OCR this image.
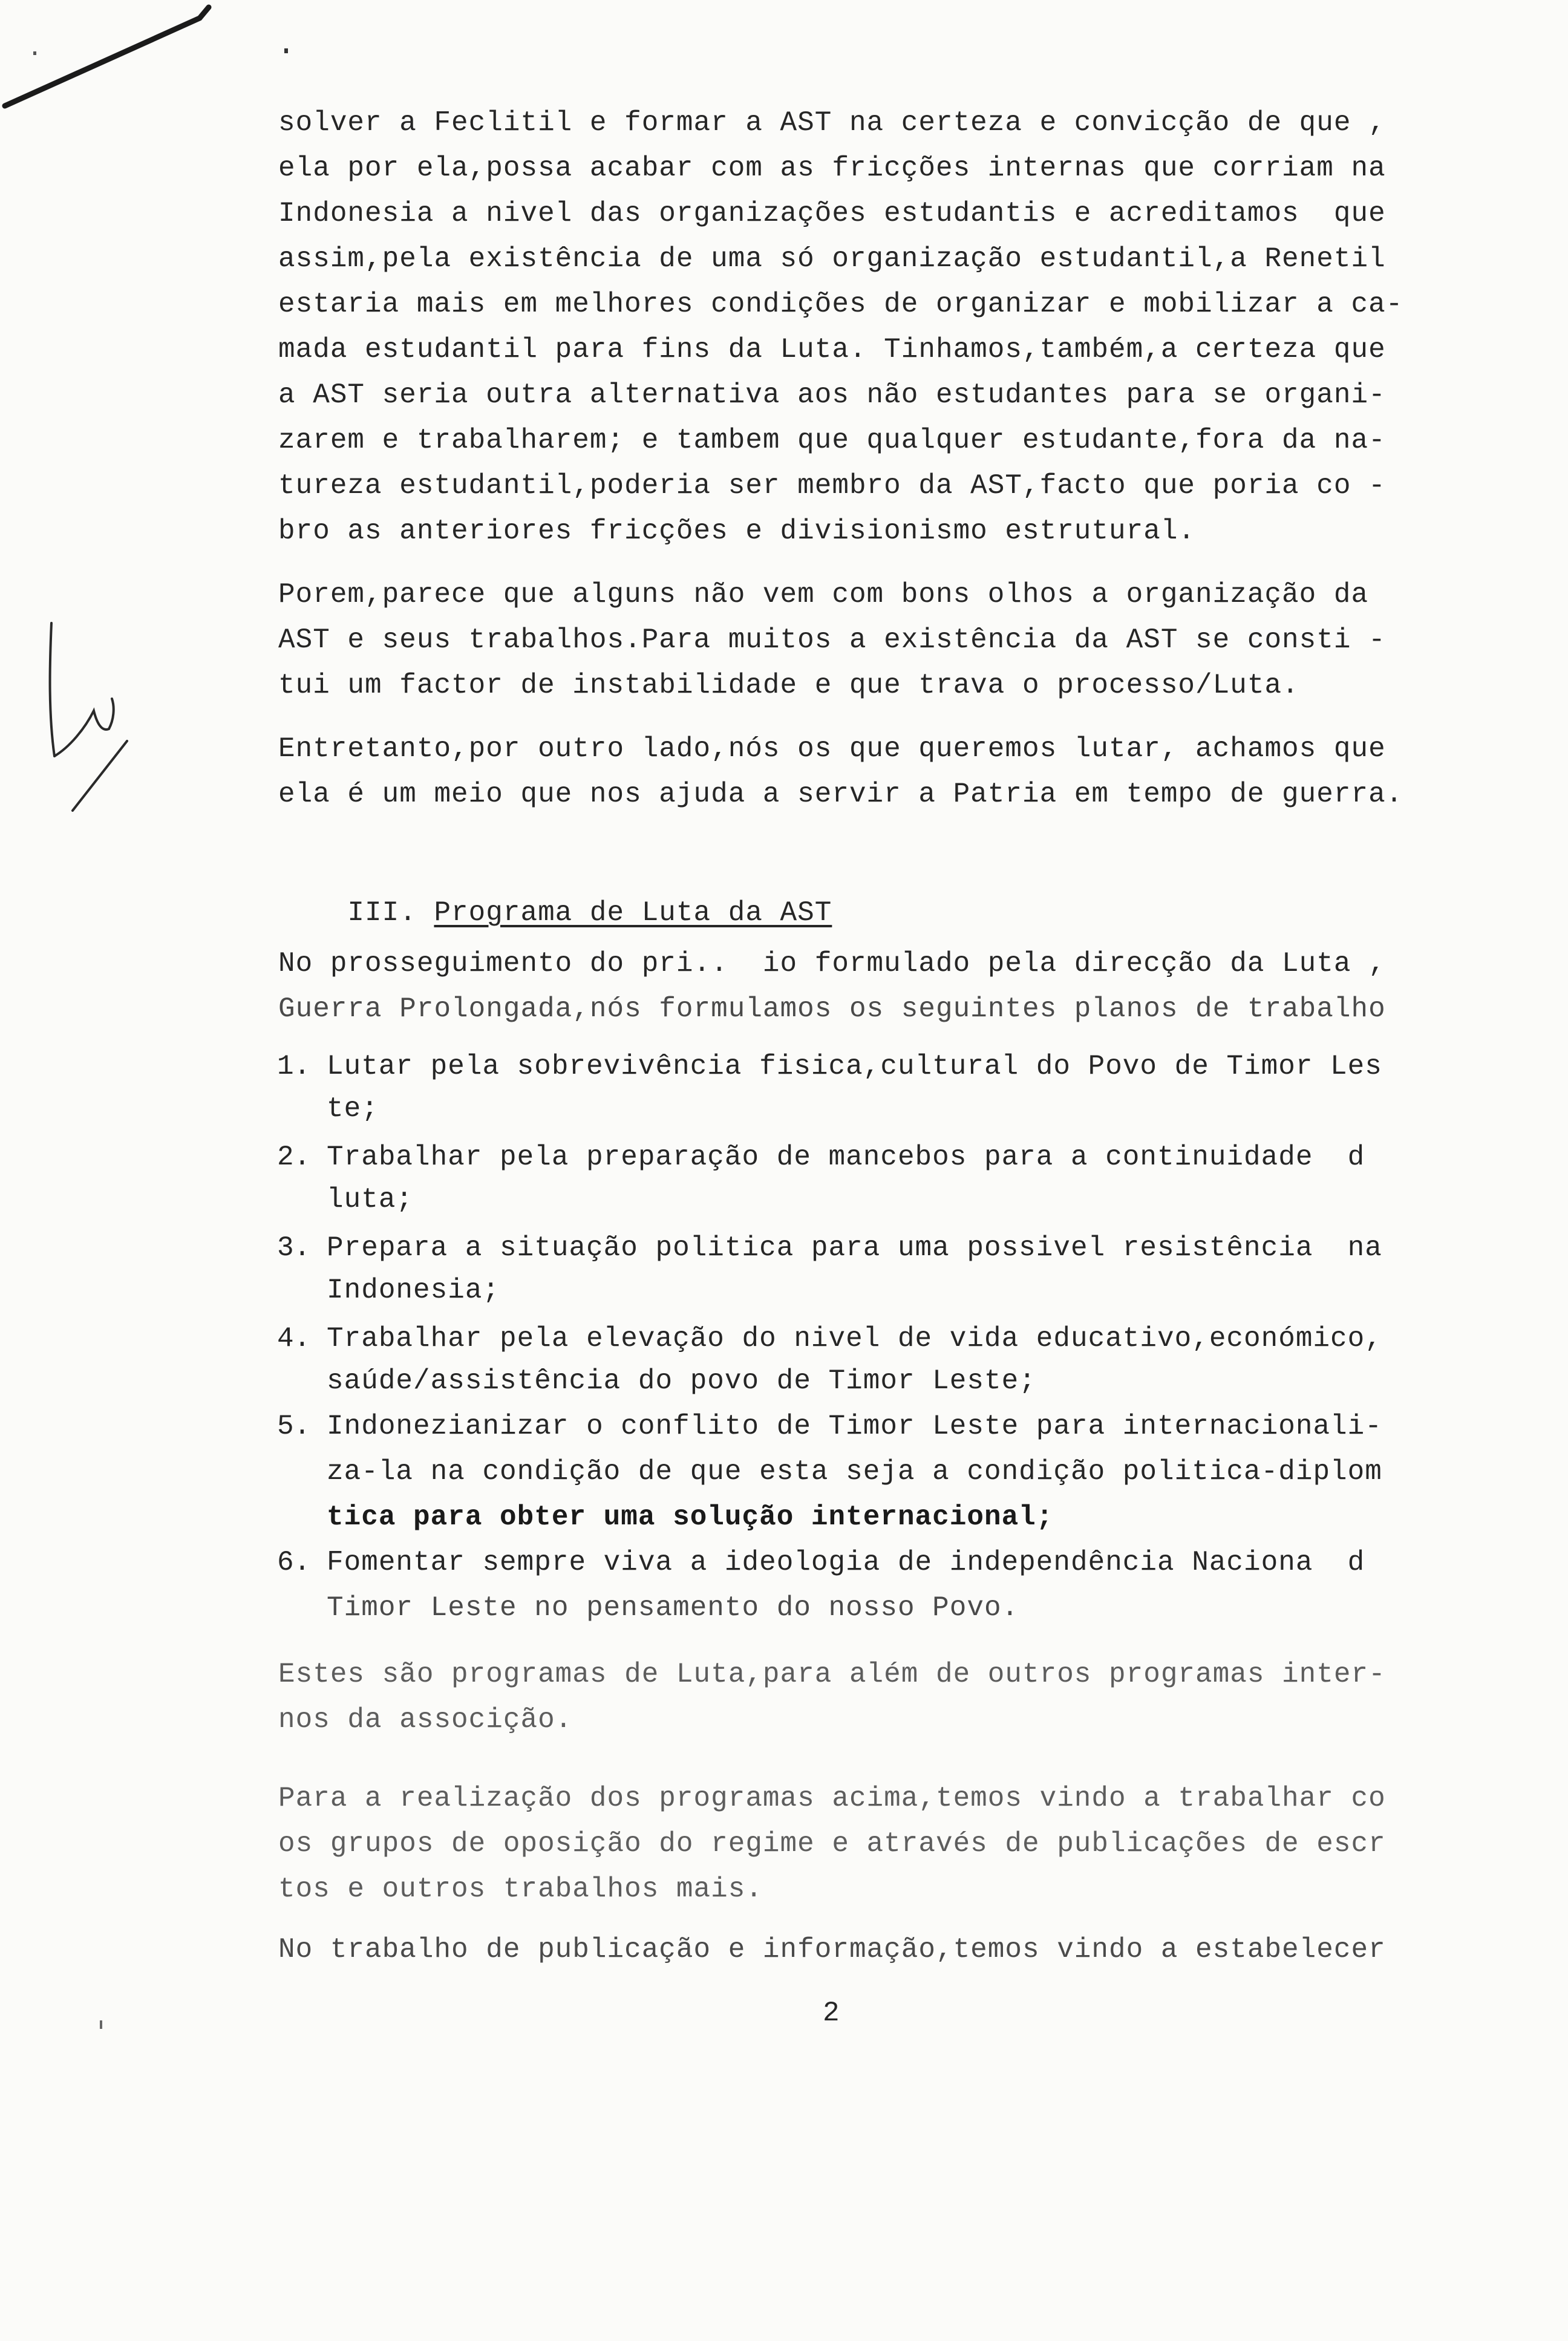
solver a Feclitil e formar a AST na certeza e convicção de que ,
ela por ela,possa acabar com as fricções internas que corriam na
Indonesia a nivel das organizações estudantis e acreditamos  que
assim,pela existência de uma só organização estudantil,a Renetil
estaria mais em melhores condições de organizar e mobilizar a ca-
mada estudantil para fins da Luta. Tinhamos,também,a certeza que
a AST seria outra alternativa aos não estudantes para se organi-
zarem e trabalharem; e tambem que qualquer estudante,fora da na-
tureza estudantil,poderia ser membro da AST,facto que poria co -
bro as anteriores fricções e divisionismo estrutural.
Porem,parece que alguns não vem com bons olhos a organização da
AST e seus trabalhos.Para muitos a existência da AST se consti -
tui um factor de instabilidade e que trava o processo/Luta.
Entretanto,por outro lado,nós os que queremos lutar, achamos que
ela é um meio que nos ajuda a servir a Patria em tempo de guerra.

III. Programa de Luta da AST

No prosseguimento do pri..  io formulado pela direcção da Luta ,
Guerra Prolongada,nós formulamos os seguintes planos de trabalho
1. Lutar pela sobrevivência fisica,cultural do Povo de Timor Les
te;
2. Trabalhar pela preparação de mancebos para a continuidade  d
luta;
3. Prepara a situação politica para uma possivel resistência  na
Indonesia;
4. Trabalhar pela elevação do nivel de vida educativo,económico,
saúde/assistência do povo de Timor Leste;
5. Indonezianizar o conflito de Timor Leste para internacionali-
za-la na condição de que esta seja a condição politica-diplom
tica para obter uma solução internacional;
6. Fomentar sempre viva a ideologia de independência Naciona  d
Timor Leste no pensamento do nosso Povo.
Estes são programas de Luta,para além de outros programas inter-
nos da associção.
Para a realização dos programas acima,temos vindo a trabalhar co
os grupos de oposição do regime e através de publicações de escr
tos e outros trabalhos mais.
No trabalho de publicação e informação,temos vindo a estabelecer
2
